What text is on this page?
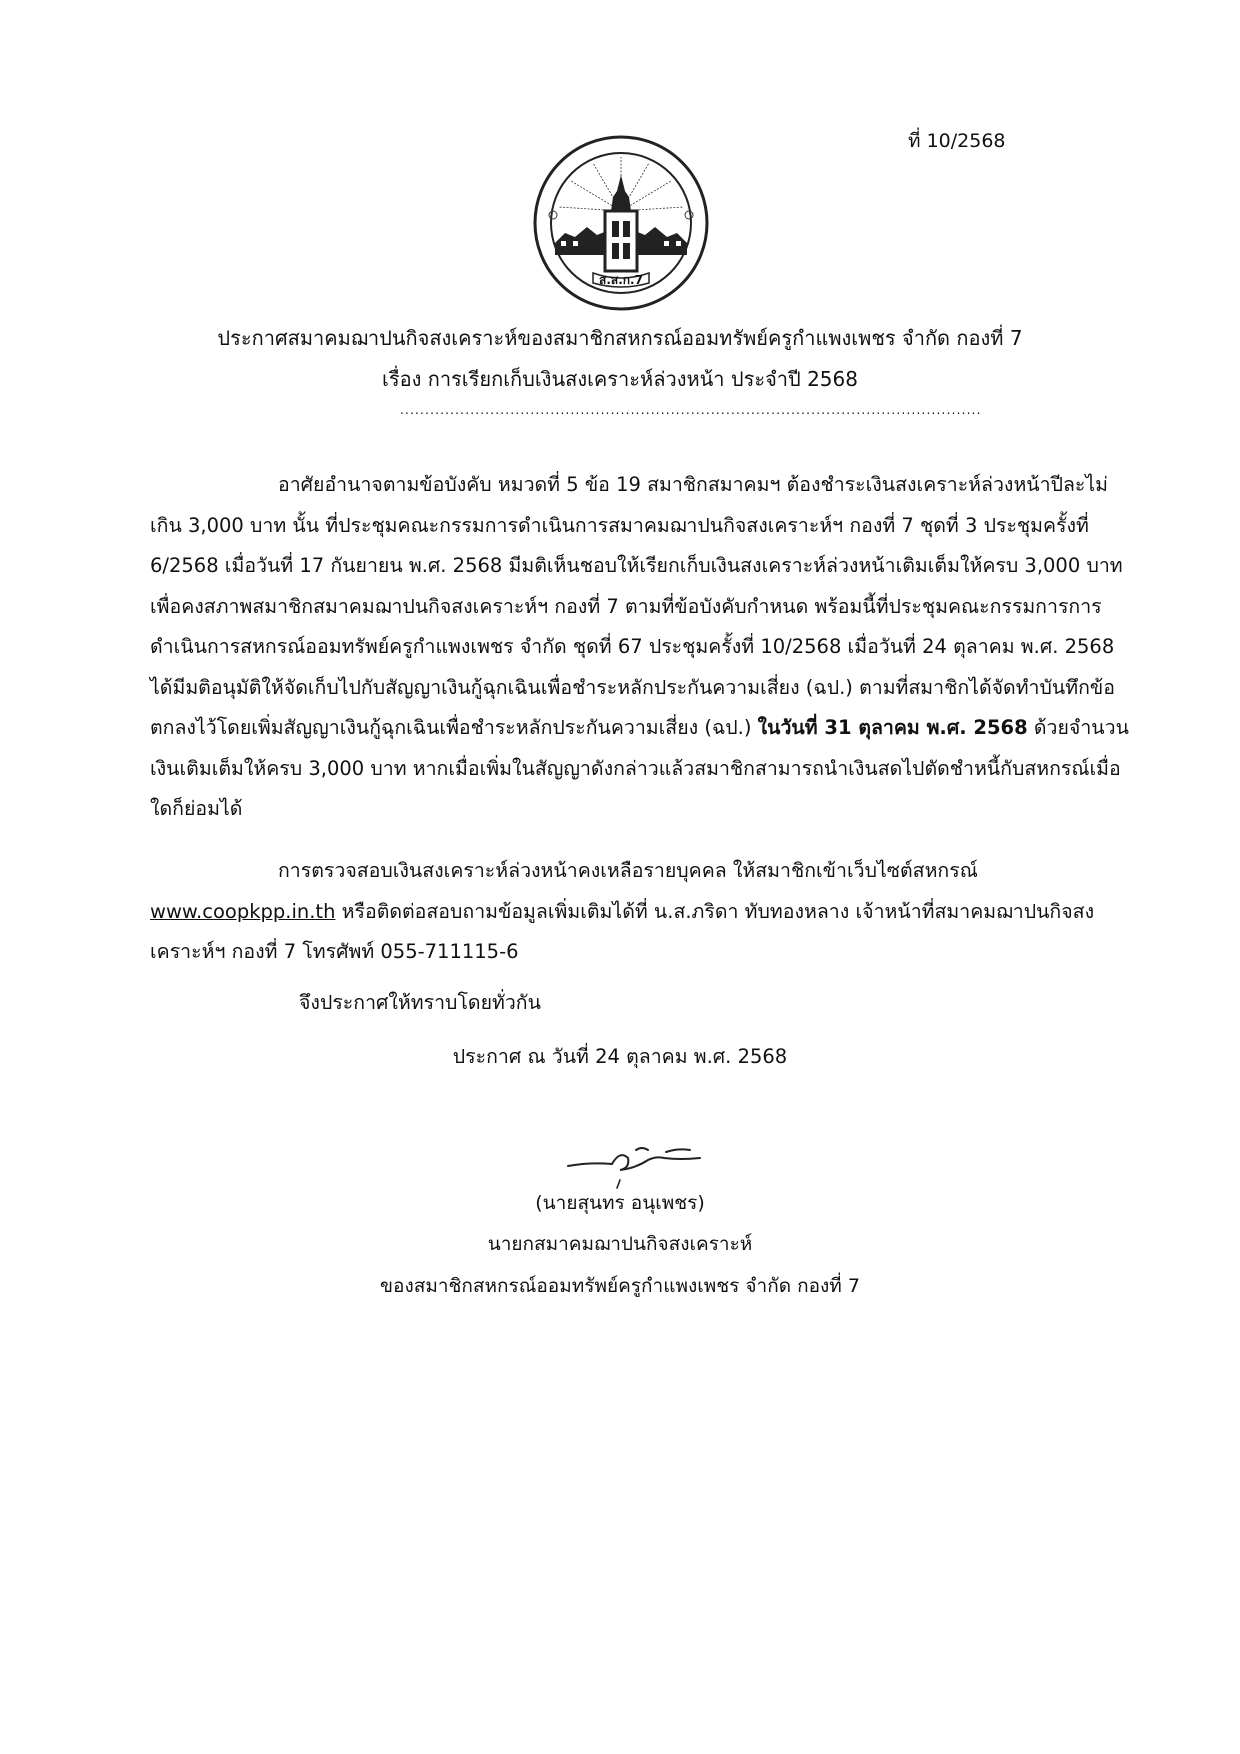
ที่ 10/2568
ส.ส.ก.7
ประกาศสมาคมฌาปนกิจสงเคราะห์ของสมาชิกสหกรณ์ออมทรัพย์ครูกำแพงเพชร จำกัด กองที่ 7
เรื่อง การเรียกเก็บเงินสงเคราะห์ล่วงหน้า ประจำปี 2568
....................................................................................................................
อาศัยอำนาจตามข้อบังคับ หมวดที่ 5 ข้อ 19 สมาชิกสมาคมฯ ต้องชำระเงินสงเคราะห์ล่วงหน้าปีละไม่เกิน 3,000 บาท นั้น ที่ประชุมคณะกรรมการดำเนินการสมาคมฌาปนกิจสงเคราะห์ฯ กองที่ 7 ชุดที่ 3 ประชุมครั้งที่ 6/2568 เมื่อวันที่ 17 กันยายน พ.ศ. 2568 มีมติเห็นชอบให้เรียกเก็บเงินสงเคราะห์ล่วงหน้าเติมเต็มให้ครบ 3,000 บาท เพื่อคงสภาพสมาชิกสมาคมฌาปนกิจสงเคราะห์ฯ กองที่ 7 ตามที่ข้อบังคับกำหนด พร้อมนี้ที่ประชุมคณะกรรมการการดำเนินการสหกรณ์ออมทรัพย์ครูกำแพงเพชร จำกัด ชุดที่ 67 ประชุมครั้งที่ 10/2568 เมื่อวันที่ 24 ตุลาคม พ.ศ. 2568 ได้มีมติอนุมัติให้จัดเก็บไปกับสัญญาเงินกู้ฉุกเฉินเพื่อชำระหลักประกันความเสี่ยง (ฉป.) ตามที่สมาชิกได้จัดทำบันทึกข้อตกลงไว้โดยเพิ่มสัญญาเงินกู้ฉุกเฉินเพื่อชำระหลักประกันความเสี่ยง (ฉป.) ในวันที่ 31 ตุลาคม พ.ศ. 2568 ด้วยจำนวนเงินเติมเต็มให้ครบ 3,000 บาท หากเมื่อเพิ่มในสัญญาดังกล่าวแล้วสมาชิกสามารถนำเงินสดไปตัดชำหนี้กับสหกรณ์เมื่อใดก็ย่อมได้
การตรวจสอบเงินสงเคราะห์ล่วงหน้าคงเหลือรายบุคคล ให้สมาชิกเข้าเว็บไซต์สหกรณ์ www.coopkpp.in.th หรือติดต่อสอบถามข้อมูลเพิ่มเติมได้ที่ น.ส.ภริดา ทับทองหลาง เจ้าหน้าที่สมาคมฌาปนกิจสงเคราะห์ฯ กองที่ 7 โทรศัพท์ 055-711115-6
จึงประกาศให้ทราบโดยทั่วกัน
ประกาศ ณ วันที่ 24 ตุลาคม พ.ศ. 2568
(นายสุนทร อนุเพชร)
นายกสมาคมฌาปนกิจสงเคราะห์
ของสมาชิกสหกรณ์ออมทรัพย์ครูกำแพงเพชร จำกัด กองที่ 7
